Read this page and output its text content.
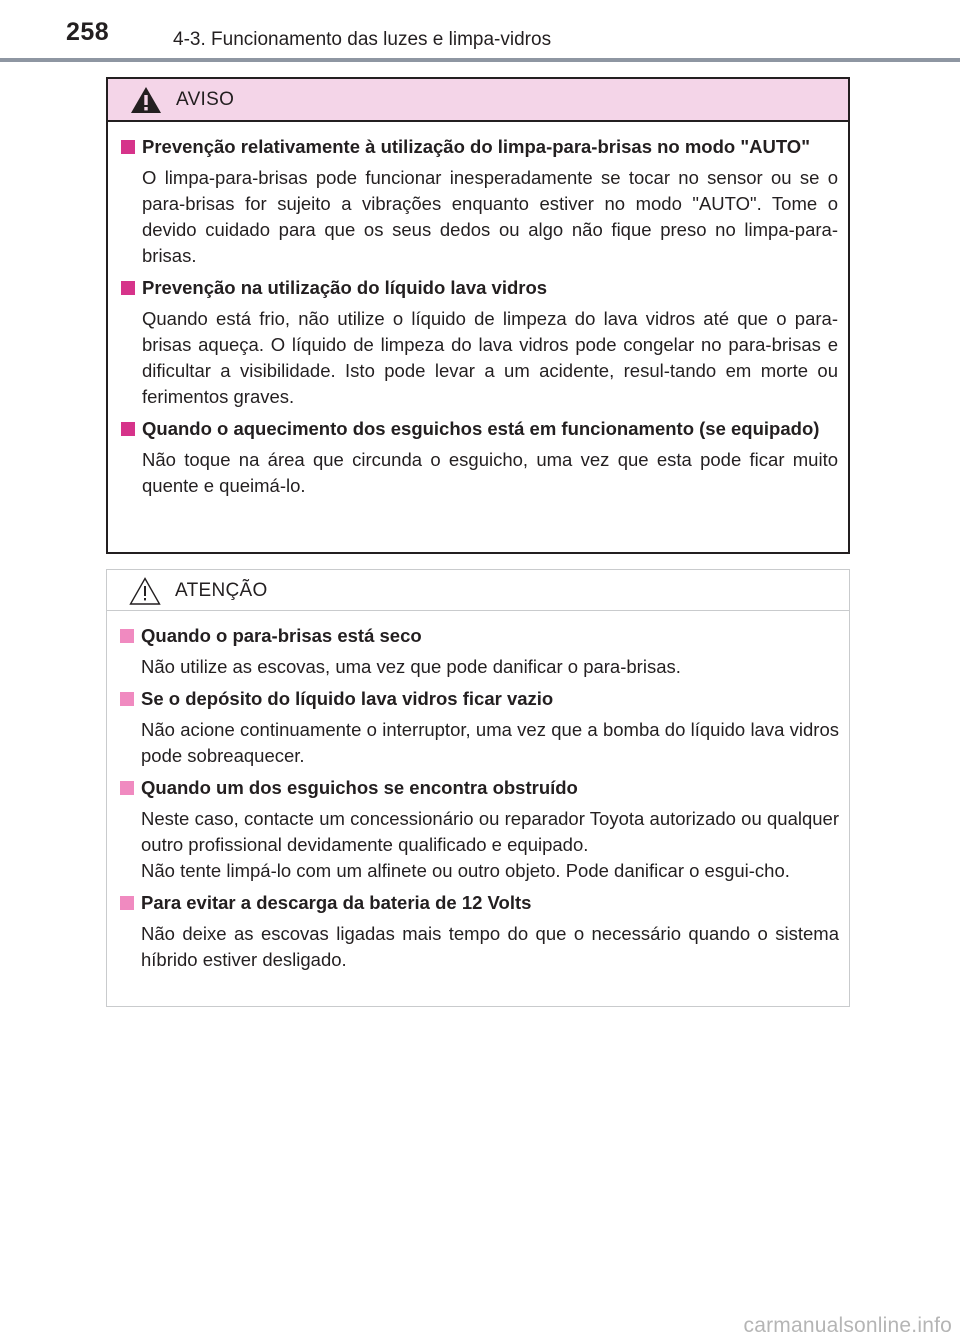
258	4-3. Funcionamento das luzes e limpa-vidros
AVISO
Prevenção relativamente à utilização do limpa-para-brisas no modo "AUTO"

O limpa-para-brisas pode funcionar inesperadamente se tocar no sensor ou se o para-brisas for sujeito a vibrações enquanto estiver no modo "AUTO". Tome o devido cuidado para que os seus dedos ou algo não fique preso no limpa-para-brisas.

Prevenção na utilização do líquido lava vidros

Quando está frio, não utilize o líquido de limpeza do lava vidros até que o para-brisas aqueça. O líquido de limpeza do lava vidros pode congelar no para-brisas e dificultar a visibilidade. Isto pode levar a um acidente, resul-tando em morte ou ferimentos graves.

Quando o aquecimento dos esguichos está em funcionamento (se equipado)

Não toque na área que circunda o esguicho, uma vez que esta pode ficar muito quente e queimá-lo.

ATENÇÃO
Quando o para-brisas está seco

Não utilize as escovas, uma vez que pode danificar o para-brisas.

Se o depósito do líquido lava vidros ficar vazio

Não acione continuamente o interruptor, uma vez que a bomba do líquido lava vidros pode sobreaquecer.

Quando um dos esguichos se encontra obstruído

Neste caso, contacte um concessionário ou reparador Toyota autorizado ou qualquer outro profissional devidamente qualificado e equipado.

Não tente limpá-lo com um alfinete ou outro objeto. Pode danificar o esgui-cho.

Para evitar a descarga da bateria de 12 Volts

Não deixe as escovas ligadas mais tempo do que o necessário quando o sistema híbrido estiver desligado.

carmanualsonline.info
